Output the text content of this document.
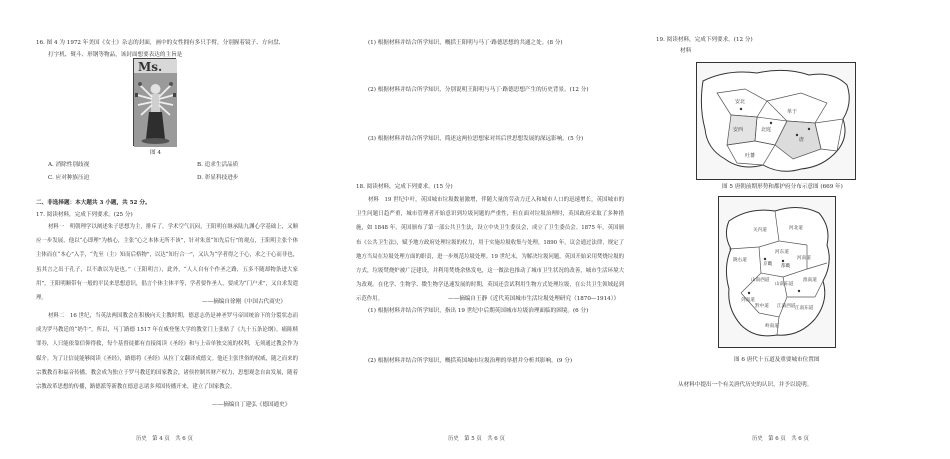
16. 图 4 为 1972 年美国《女士》杂志的封面，画中的女性拥有多只手臂，分别握着镜子、方向盘、
打字机、熨斗、形钢等物品，该封面想要表达的主旨是
Ms.
图 4
A. 消除性别歧视	B. 追求生活品质
C. 应对种族压迫	D. 彰显科技进步
二、非选择题：本大题共 3 小题，共 52 分。
17. 阅读材料，完成下列要求。(25 分)
材料一　明朝理学以阐述朱子思想为主，排斥了，学术空气沉闷，王阳明在继承陆九渊心学基础上，又顺应一步发展，他以“心即理”为核心，主张“心之本体无所不该”，针对朱熹“知先后行”的观点，王阳明主张个体主体而在“本心”入手，“先至（主）知而后格物”，以达“知行合一”，又认为“学者得之于心，求之于心而非也，虽其言之出于孔子，以不敢以为是也。”（王阳明言），此外，“人人自有个作圣之路，五多不随却物条进大家用”，王阳明顺带有一般的平民来思想意识，倡言个体主体平等，学者要作圣人，要成为“门户求”，又自求发遣理。
——摘编自徐刚《中国古代商史》
材料二　16 世纪，当英法两国教会在积极向天主教时期，德意志仍是神圣罗马帝国统治下的分裂状态而成为罗马教廷的“奶牛”，所以，马丁路德 1517 年在威登堡大学的教堂门上张贴了《九十五条论纲》，痛陈赎罪券，人只能依靠信仰得救，每个基督徒都有直接阅读《圣经》和与上帝单独交流的权利，无须通过教会作为媒介。为了让信徒能够阅读《圣经》，路德将《圣经》从拉丁文翻译成德文。他还主张世俗的权威，随之而来的宗教教育和福音传播，教会成为独立于罗马教廷的国家教会，诸侯控制其财产权力，思想观念自由发展，随着宗教改革思想的传播，路德派等新教在德意志诸多邦国传播开来，建立了国家教会。
——摘编自丁建弘《德国通史》
历史　第 4 页　共 6 页
(1) 根据材料并结合所学知识，概括王阳明与马丁·路德思想的共通之处。(8 分)
(2) 根据材料并结合所学知识，分别说明王阳明与马丁·路德思想产生的历史背景。(12 分)
(3) 根据材料并结合所学知识，简述这两位思想家对其后世思想发展的深远影响。(5 分)
18. 阅读材料，完成下列要求。(15 分)
材料　19 世纪中叶，英国城市垃圾数量激增，伴随大量的劳动力迁入和城市人口的迅速增长，英国城市的卫生问题日趋严重，城市管理者开始意识到垃圾问题的严重性，但在面对垃圾治理时，英国政府采取了多种措施，如 1848 年，英国颁布了第一部公共卫生法，设立中央卫生委员会，成立了卫生委员会。1875 年，英国颁布《公共卫生法》，赋予地方政府处理垃圾的权力，用于实施垃圾收集与处理，1890 年，议会通过法律，规定了地方当局在垃圾处理方面的职责，进一步规范垃圾处理。19 世纪末，为解决垃圾问题，英国开始采用焚烧垃圾的方式，垃圾焚烧炉被广泛建设，并利用焚烧余热发电，这一做法也推动了城市卫生状况的改善，城市生活环境大为改观。在化学、生物学、微生物学迅速发展的时期，英国还尝试利用生物方式处理垃圾，在公共卫生领域起到示范作用。	——摘编自王静《近代英国城市生活垃圾处理研究（1870—1914）》
(1) 根据材料并结合所学知识，指出 19 世纪中后期英国城市垃圾治理面临的困境。(6 分)
(2) 根据材料并结合所学知识，概括英国城市垃圾治理的举措并分析其影响。(9 分)
历史　第 5 页　共 6 页
19. 阅读材料，完成下列要求。(12 分)
材料
单于
安北
安西	北庭
吐蕃
唐
图 5 唐朝前期形势和都护府分布示意图 (669 年)
河北道
关内道
河东道
河南道
陇右道
京畿 都畿
山南东道
山南西道	淮南道
剑南道
江南东道
江南西道
黔中道
岭南道
图 6 唐代十五道及重要城市位置图
从材料中提出一个有关唐代历史的认识，并予以说明。
历史　第 6 页　共 6 页
